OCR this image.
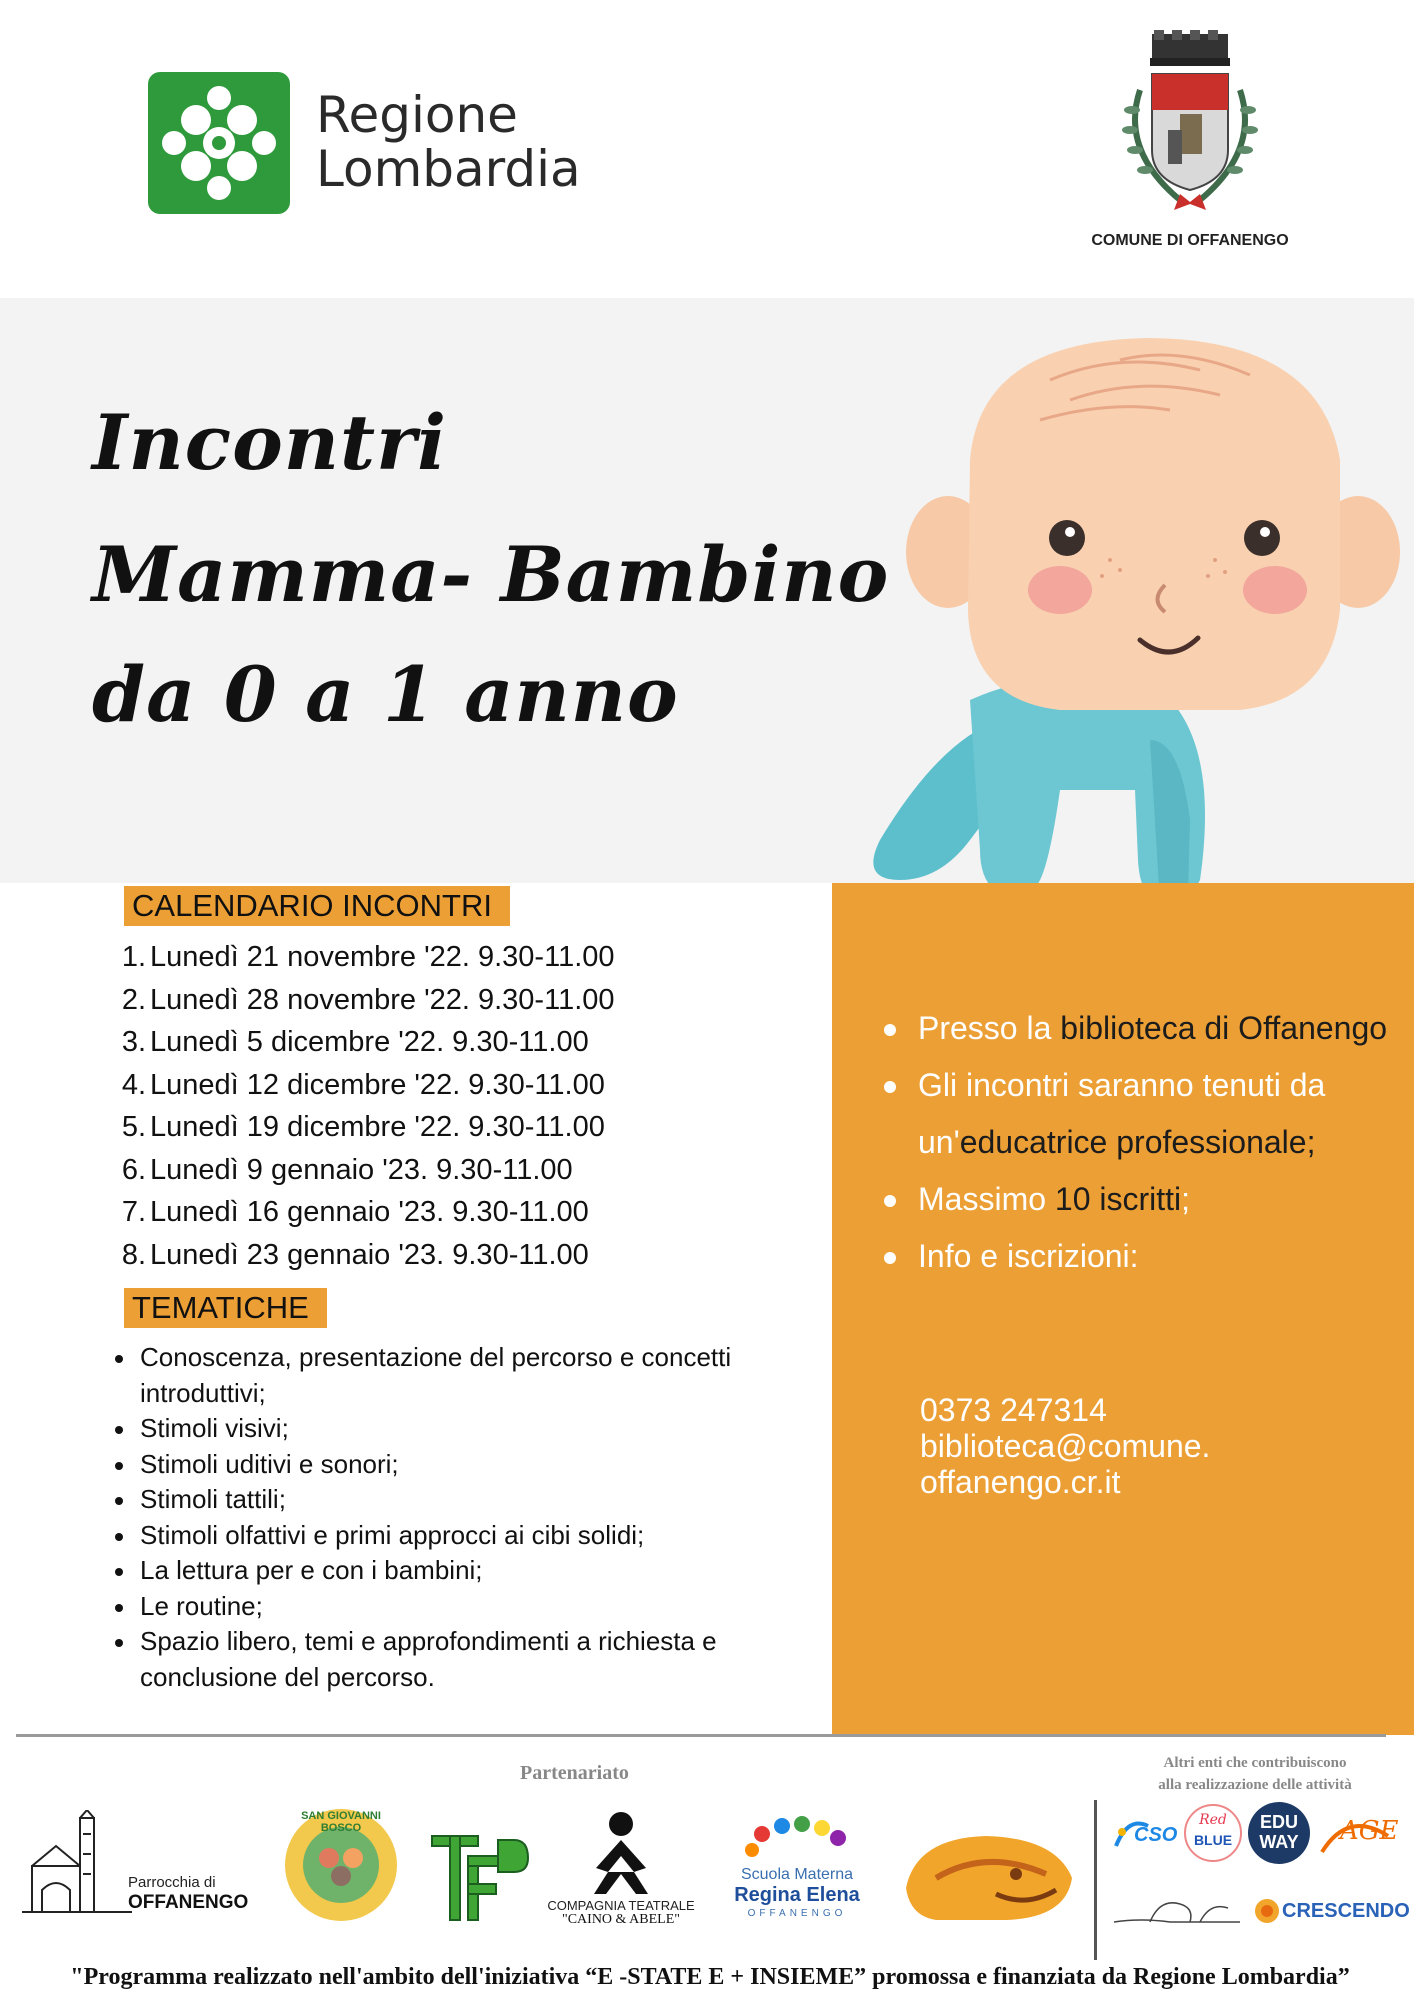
Regione
Lombardia
COMUNE DI OFFANENGO
Incontri
Mamma- Bambino
da 0 a 1 anno
Presso la biblioteca di Offanengo
Gli incontri saranno tenuti da un'educatrice professionale;
Massimo 10 iscritti;
Info e iscrizioni:
0373 247314
biblioteca@comune.
offanengo.cr.it
CALENDARIO INCONTRI
1. Lunedì 21 novembre '22. 9.30-11.00
2. Lunedì 28 novembre '22. 9.30-11.00
3. Lunedì 5 dicembre '22. 9.30-11.00
4. Lunedì 12 dicembre '22. 9.30-11.00
5. Lunedì 19 dicembre '22. 9.30-11.00
6. Lunedì 9 gennaio '23. 9.30-11.00
7. Lunedì 16 gennaio '23. 9.30-11.00
8. Lunedì 23 gennaio '23. 9.30-11.00
TEMATICHE
Conoscenza, presentazione del percorso e concetti introduttivi;
Stimoli visivi;
Stimoli uditivi e sonori;
Stimoli tattili;
Stimoli olfattivi e primi approcci ai cibi solidi;
La lettura per e con i bambini;
Le routine;
Spazio libero, temi e approfondimenti a richiesta e conclusione del percorso.
Partenariato	Altri enti che contribuiscono
alla realizzazione delle attività
Parrocchia di
OFFANENGO
SAN GIOVANNI BOSCO
COMPAGNIA TEATRALE
"CAINO & ABELE"
Scuola Materna
Regina Elena
OFFANENGO
CSO
Red
BLUE
EDU
WAY	AGE
CRESCENDO
"Programma realizzato nell'ambito dell'iniziativa “E -STATE E + INSIEME” promossa e finanziata da Regione Lombardia”
